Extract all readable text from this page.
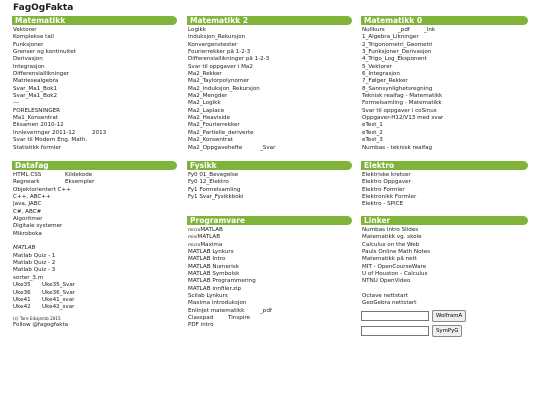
FagOgFakta
Matematikk
Vektorer
Komplekse tall
Funksjoner
Grenser og kontinuitet
Derivasjon
Integrasjon
Differensiallikninger
Matriesealgebra
Svar_Ma1_Bok1
Svar_Ma1_Bok2
---
FORELESNINGER
Ma1_Konsentrat
Eksamen 2010-12
Innleveringer 2011-12	2013
Svar til Modern Eng. Math.
Statistikk formler
Datafag
HTML CSS	Kildekode
Regneark	Eksempler
Objektorientert C++
C++, ABC++
Java, JABC
C#, ABC#
Algoritmer
Digitale systemer
Mikroboka
MATLAB
Matlab Quiz - 1
Matlab Quiz - 2
Matlab Quiz - 3
sorter_3.m
Uke35 Uke35_Svar
Uke36 Uke36_Svar
Uke41 Uke41_svar
Uke42 Uke42_svar
(c) Tore Eiksjemb 2015
Follow @fagogfakta
Matematikk 2
Logikk
Induksjon_Rekursjon
Konvergenstester
Fourierrekker på 1-2-3
Differensiallikninger på 1-2-3
Svar til oppgaver i Ma2
Ma2_Rekker
Ma2_Taylorpolynomer
Ma2_Induksjon_Rekursjon
Ma2_Mengder
Ma2_Logikk
Ma2_Laplace
Ma2_Heaviside
Ma2_Fourierrekker
Ma2_Partielle_deriverte
Ma2_Konsentrat
Ma2_Oppgavehefte	_Svar
Fysikk
Fy0 01_Bevegelse
Fy0 12_Elektro
Fy1 Formelsamling
Fy1 Svar_Fysikkboki
Programvare
microMATLAB
miniMATLAB
microMaxima
MATLAB Lynkurs
MATLAB Intro
MATLAB Numerisk
MATLAB Symbolsk
MATLAB Programmering
MATLAB innfiler.zip
Scilab Lynkurs
Maxima introduksjon
Enlinjet matematikk	_pdf
Classpad	Tinspire
PDF intro
Matematikk 0
Nullkurs _pdf	_lnk
1_Algebra_Likninger
2_Trigonometri_Geometri
3_Funksjoner_Derivasjon
4_Trigo_Log_Eksponent
5_Vektorer
6_Integrasjon
7_Følger_Rekker
8_Sannsynlighetsregning
Teknisk realfag - Matematikk
Formelsamling - Matematikk
Svar til oppgaver i coSinus
Oppgaver-H12/V13 med svar
eTest_1
eTest_2
eTest_3
Numbas - teknisk realfag
Elektro
Elektriske kretser
Elektro Oppgaver
Elektro Formler
Elektronikk Formler
Elektro - SPICE
Linker
Numbas Intro Slides
Matematikk vg. skole
Calculus on the Web
Pauls Online Math Notes
Matematikk på nett
MIT - OpenCourseWare
U of Houston - Calculus
NTNU OpenVideo
Octave nettstart
GeoGebra nettstart
WolframA
SymPyG
